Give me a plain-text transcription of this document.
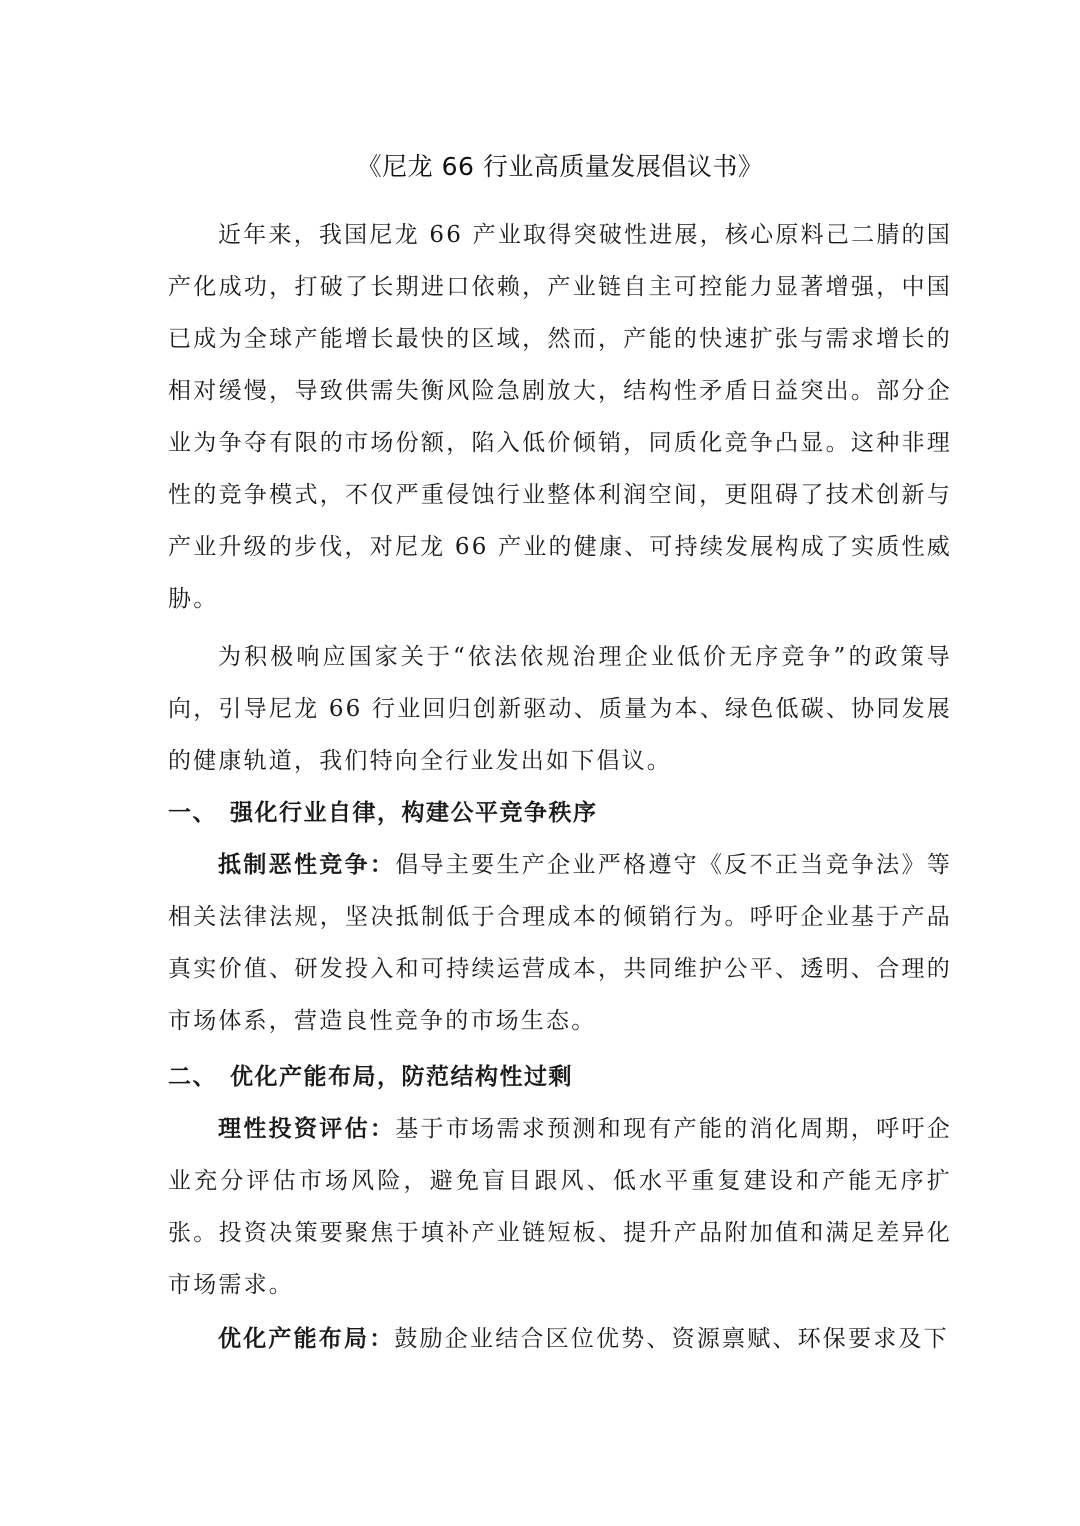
《尼龙 66 行业高质量发展倡议书》

近年来，我国尼龙 66 产业取得突破性进展，核心原料己二腈的国产化成功，打破了长期进口依赖，产业链自主可控能力显著增强，中国已成为全球产能增长最快的区域，然而，产能的快速扩张与需求增长的相对缓慢，导致供需失衡风险急剧放大，结构性矛盾日益突出。部分企业为争夺有限的市场份额，陷入低价倾销，同质化竞争凸显。这种非理性的竞争模式，不仅严重侵蚀行业整体利润空间，更阻碍了技术创新与产业升级的步伐，对尼龙 66 产业的健康、可持续发展构成了实质性威胁。

为积极响应国家关于“依法依规治理企业低价无序竞争”的政策导向，引导尼龙 66 行业回归创新驱动、质量为本、绿色低碳、协同发展的健康轨道，我们特向全行业发出如下倡议。

一、 强化行业自律，构建公平竞争秩序

抵制恶性竞争：倡导主要生产企业严格遵守《反不正当竞争法》等相关法律法规，坚决抵制低于合理成本的倾销行为。呼吁企业基于产品真实价值、研发投入和可持续运营成本，共同维护公平、透明、合理的市场体系，营造良性竞争的市场生态。

二、 优化产能布局，防范结构性过剩

理性投资评估：基于市场需求预测和现有产能的消化周期，呼吁企业充分评估市场风险，避免盲目跟风、低水平重复建设和产能无序扩张。投资决策要聚焦于填补产业链短板、提升产品附加值和满足差异化市场需求。

优化产能布局：鼓励企业结合区位优势、资源禀赋、环保要求及下
